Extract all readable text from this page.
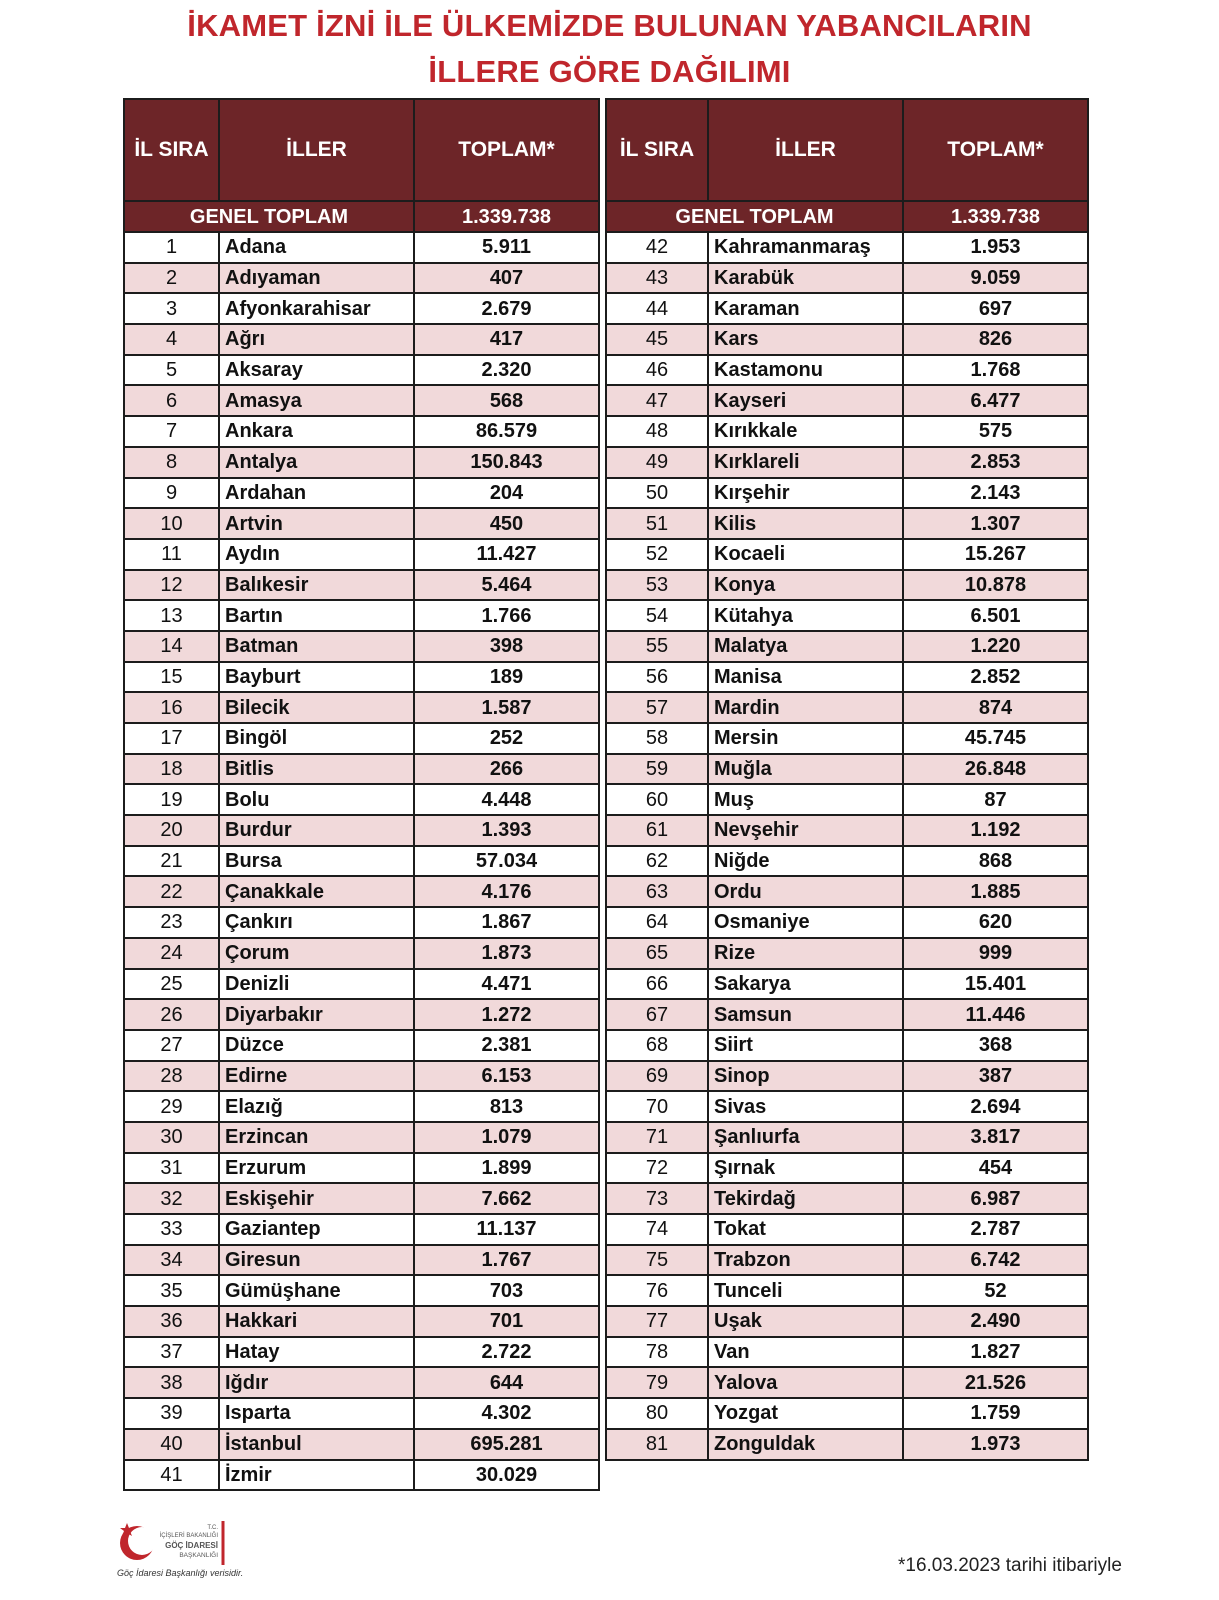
İKAMET İZNİ İLE ÜLKEMİZDE BULUNAN YABANCILARIN
İLLERE GÖRE DAĞILIMI
İL SIRA	İLLER	TOPLAM*
GENEL TOPLAM		1.339.738
1	Adana	5.911
2	Adıyaman	407
3	Afyonkarahisar	2.679
4	Ağrı	417
5	Aksaray	2.320
6	Amasya	568
7	Ankara	86.579
8	Antalya	150.843
9	Ardahan	204
10	Artvin	450
11	Aydın	11.427
12	Balıkesir	5.464
13	Bartın	1.766
14	Batman	398
15	Bayburt	189
16	Bilecik	1.587
17	Bingöl	252
18	Bitlis	266
19	Bolu	4.448
20	Burdur	1.393
21	Bursa	57.034
22	Çanakkale	4.176
23	Çankırı	1.867
24	Çorum	1.873
25	Denizli	4.471
26	Diyarbakır	1.272
27	Düzce	2.381
28	Edirne	6.153
29	Elazığ	813
30	Erzincan	1.079
31	Erzurum	1.899
32	Eskişehir	7.662
33	Gaziantep	11.137
34	Giresun	1.767
35	Gümüşhane	703
36	Hakkari	701
37	Hatay	2.722
38	Iğdır	644
39	Isparta	4.302
40	İstanbul	695.281
41	İzmir	30.029
İL SIRA	İLLER	TOPLAM*
GENEL TOPLAM		1.339.738
42	Kahramanmaraş	1.953
43	Karabük	9.059
44	Karaman	697
45	Kars	826
46	Kastamonu	1.768
47	Kayseri	6.477
48	Kırıkkale	575
49	Kırklareli	2.853
50	Kırşehir	2.143
51	Kilis	1.307
52	Kocaeli	15.267
53	Konya	10.878
54	Kütahya	6.501
55	Malatya	1.220
56	Manisa	2.852
57	Mardin	874
58	Mersin	45.745
59	Muğla	26.848
60	Muş	87
61	Nevşehir	1.192
62	Niğde	868
63	Ordu	1.885
64	Osmaniye	620
65	Rize	999
66	Sakarya	15.401
67	Samsun	11.446
68	Siirt	368
69	Sinop	387
70	Sivas	2.694
71	Şanlıurfa	3.817
72	Şırnak	454
73	Tekirdağ	6.987
74	Tokat	2.787
75	Trabzon	6.742
76	Tunceli	52
77	Uşak	2.490
78	Van	1.827
79	Yalova	21.526
80	Yozgat	1.759
81	Zonguldak	1.973
T.C.
İÇİŞLERİ BAKANLIĞI
GÖÇ İDARESİ
BAŞKANLIĞI
Göç İdaresi Başkanlığı verisidir.	*16.03.2023 tarihi itibariyle
